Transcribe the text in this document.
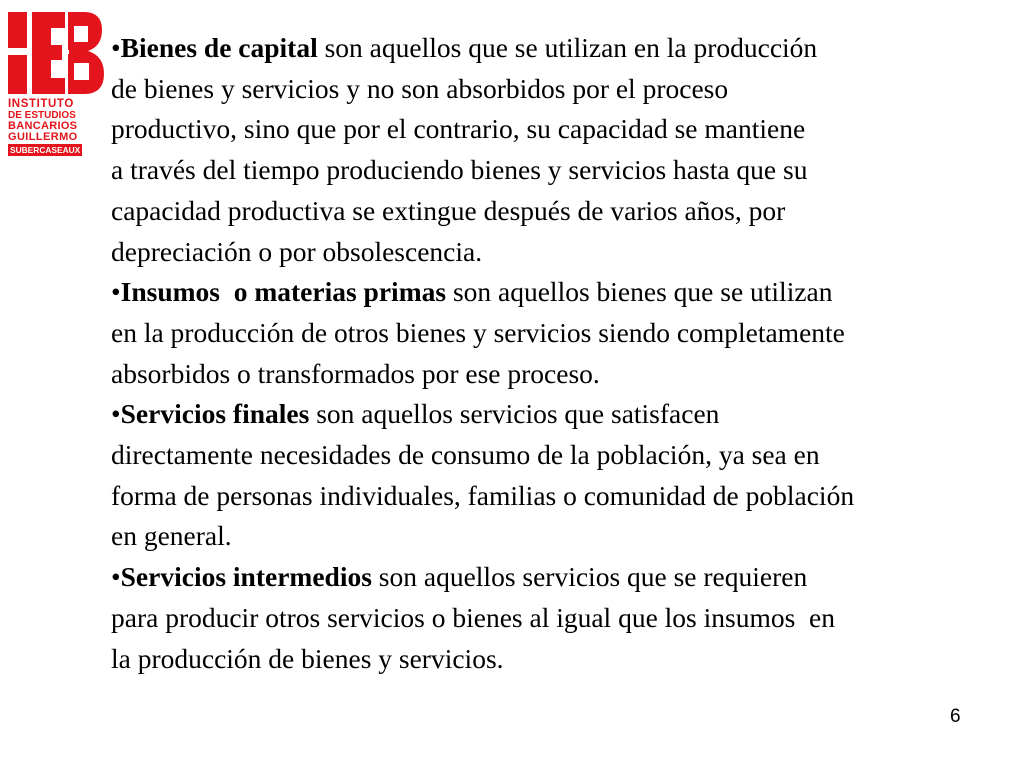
INSTITUTO
DE ESTUDIOS
BANCARIOS
GUILLERMO
SUBERCASEAUX

•Bienes de capital son aquellos que se utilizan en la producción
de bienes y servicios y no son absorbidos por el proceso
productivo, sino que por el contrario, su capacidad se mantiene
a través del tiempo produciendo bienes y servicios hasta que su
capacidad productiva se extingue después de varios años, por
depreciación o por obsolescencia.

•Insumos  o materias primas son aquellos bienes que se utilizan
en la producción de otros bienes y servicios siendo completamente
absorbidos o transformados por ese proceso.

•Servicios finales son aquellos servicios que satisfacen
directamente necesidades de consumo de la población, ya sea en
forma de personas individuales, familias o comunidad de población
en general.

•Servicios intermedios son aquellos servicios que se requieren
para producir otros servicios o bienes al igual que los insumos  en
la producción de bienes y servicios.

6
